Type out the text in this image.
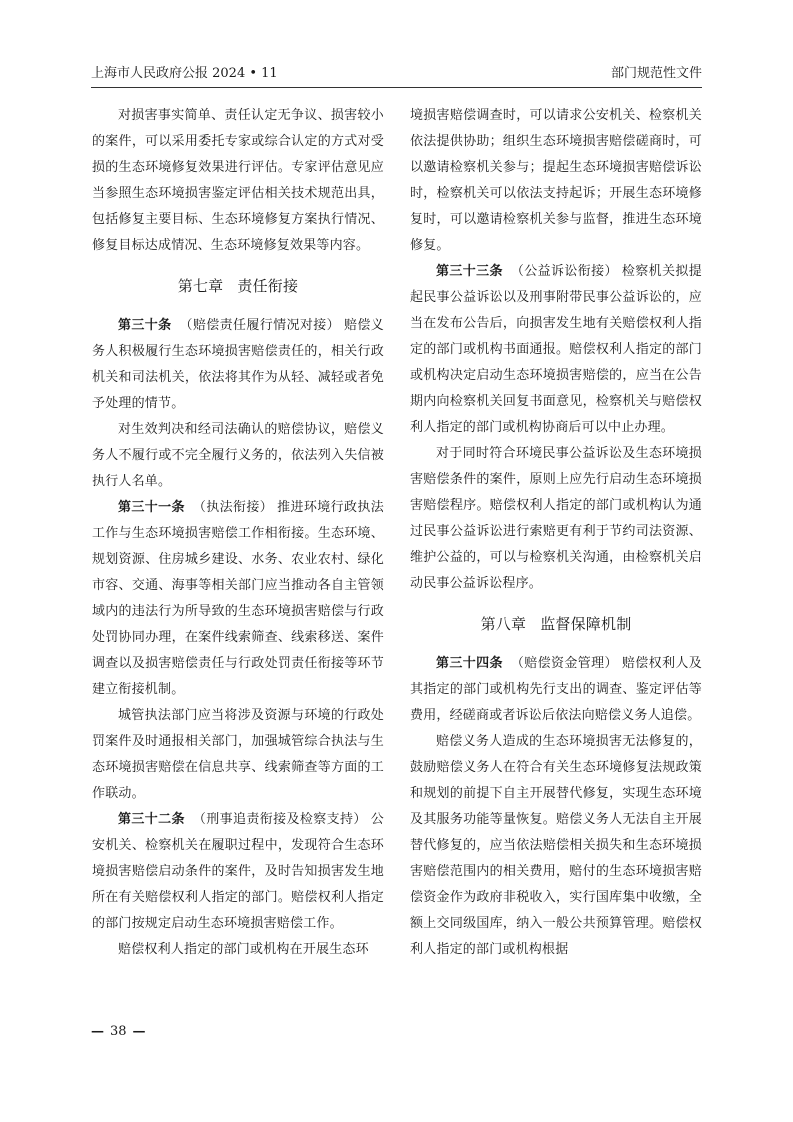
上海市人民政府公报 2024 • 11	部门规范性文件

对损害事实简单、责任认定无争议、损害较小的案件，可以采用委托专家或综合认定的方式对受损的生态环境修复效果进行评估。专家评估意见应当参照生态环境损害鉴定评估相关技术规范出具，包括修复主要目标、生态环境修复方案执行情况、修复目标达成情况、生态环境修复效果等内容。

第七章 责任衔接

第三十条 （赔偿责任履行情况对接） 赔偿义务人积极履行生态环境损害赔偿责任的，相关行政机关和司法机关，依法将其作为从轻、减轻或者免予处理的情节。

对生效判决和经司法确认的赔偿协议，赔偿义务人不履行或不完全履行义务的，依法列入失信被执行人名单。

第三十一条 （执法衔接） 推进环境行政执法工作与生态环境损害赔偿工作相衔接。生态环境、规划资源、住房城乡建设、水务、农业农村、绿化市容、交通、海事等相关部门应当推动各自主管领域内的违法行为所导致的生态环境损害赔偿与行政处罚协同办理，在案件线索筛查、线索移送、案件调查以及损害赔偿责任与行政处罚责任衔接等环节建立衔接机制。

城管执法部门应当将涉及资源与环境的行政处罚案件及时通报相关部门，加强城管综合执法与生态环境损害赔偿在信息共享、线索筛查等方面的工作联动。

第三十二条 （刑事追责衔接及检察支持） 公安机关、检察机关在履职过程中，发现符合生态环境损害赔偿启动条件的案件，及时告知损害发生地所在有关赔偿权利人指定的部门。赔偿权利人指定的部门按规定启动生态环境损害赔偿工作。

赔偿权利人指定的部门或机构在开展生态环

境损害赔偿调查时，可以请求公安机关、检察机关依法提供协助；组织生态环境损害赔偿磋商时，可以邀请检察机关参与；提起生态环境损害赔偿诉讼时，检察机关可以依法支持起诉；开展生态环境修复时，可以邀请检察机关参与监督，推进生态环境修复。

第三十三条 （公益诉讼衔接） 检察机关拟提起民事公益诉讼以及刑事附带民事公益诉讼的，应当在发布公告后，向损害发生地有关赔偿权利人指定的部门或机构书面通报。赔偿权利人指定的部门或机构决定启动生态环境损害赔偿的，应当在公告期内向检察机关回复书面意见，检察机关与赔偿权利人指定的部门或机构协商后可以中止办理。

对于同时符合环境民事公益诉讼及生态环境损害赔偿条件的案件，原则上应先行启动生态环境损害赔偿程序。赔偿权利人指定的部门或机构认为通过民事公益诉讼进行索赔更有利于节约司法资源、维护公益的，可以与检察机关沟通，由检察机关启动民事公益诉讼程序。

第八章 监督保障机制

第三十四条 （赔偿资金管理） 赔偿权利人及其指定的部门或机构先行支出的调查、鉴定评估等费用，经磋商或者诉讼后依法向赔偿义务人追偿。

赔偿义务人造成的生态环境损害无法修复的，鼓励赔偿义务人在符合有关生态环境修复法规政策和规划的前提下自主开展替代修复，实现生态环境及其服务功能等量恢复。赔偿义务人无法自主开展替代修复的，应当依法赔偿相关损失和生态环境损害赔偿范围内的相关费用，赔付的生态环境损害赔偿资金作为政府非税收入，实行国库集中收缴，全额上交同级国库，纳入一般公共预算管理。赔偿权利人指定的部门或机构根据

— 38 —
